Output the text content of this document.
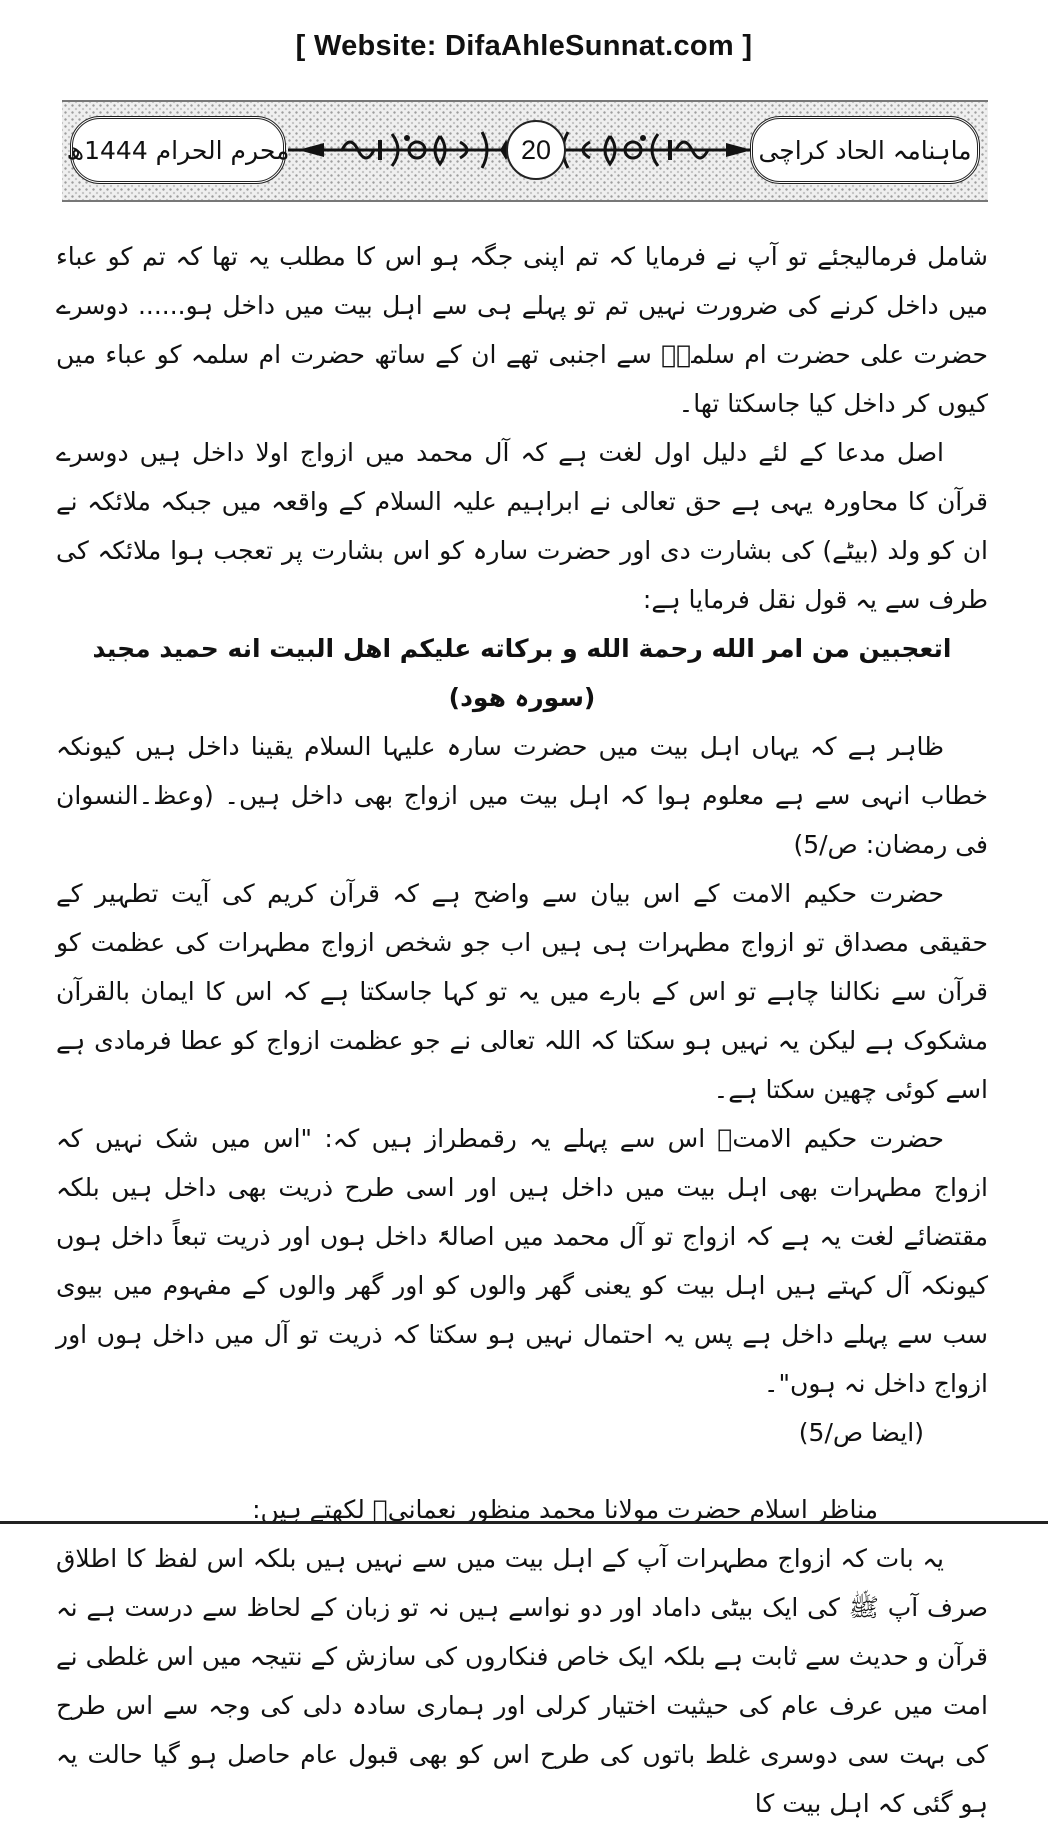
[ Website: DifaAhleSunnat.com ]
محرم الحرام 1444ھ	20	ماہنامہ الحاد کراچی

شامل فرمالیجئے تو آپ نے فرمایا کہ تم اپنی جگہ ہو اس کا مطلب یہ تھا کہ تم کو عباء میں داخل کرنے کی ضرورت نہیں تم تو پہلے ہی سے اہل بیت میں داخل ہو...... دوسرے حضرت علی حضرت ام سلمہؓ سے اجنبی تھے ان کے ساتھ حضرت ام سلمہ کو عباء میں کیوں کر داخل کیا جاسکتا تھا۔

اصل مدعا کے لئے دلیل اول لغت ہے کہ آل محمد میں ازواج اولا داخل ہیں دوسرے قرآن کا محاورہ یہی ہے حق تعالی نے ابراہیم علیہ السلام کے واقعہ میں جبکہ ملائکہ نے ان کو ولد (بیٹے) کی بشارت دی اور حضرت سارہ کو اس بشارت پر تعجب ہوا ملائکہ کی طرف سے یہ قول نقل فرمایا ہے:

اتعجبین من امر الله رحمة الله و بركاته عليكم اهل البيت انه حميد مجيد (سورہ ھود)

ظاہر ہے کہ یہاں اہل بیت میں حضرت سارہ علیہا السلام یقینا داخل ہیں کیونکہ خطاب انہی سے ہے معلوم ہوا کہ اہل بیت میں ازواج بھی داخل ہیں۔ (وعظ۔النسوان فی رمضان: ص/5)

حضرت حکیم الامت کے اس بیان سے واضح ہے کہ قرآن کریم کی آیت تطہیر کے حقیقی مصداق تو ازواج مطہرات ہی ہیں اب جو شخص ازواج مطہرات کی عظمت کو قرآن سے نکالنا چاہے تو اس کے بارے میں یہ تو کہا جاسکتا ہے کہ اس کا ایمان بالقرآن مشکوک ہے لیکن یہ نہیں ہو سکتا کہ اللہ تعالی نے جو عظمت ازواج کو عطا فرمادی ہے اسے کوئی چھین سکتا ہے۔

حضرت حکیم الامتؒ اس سے پہلے یہ رقمطراز ہیں کہ: "اس میں شک نہیں کہ ازواج مطہرات بھی اہل بیت میں داخل ہیں اور اسی طرح ذریت بھی داخل ہیں بلکہ مقتضائے لغت یہ ہے کہ ازواج تو آل محمد میں اصالۃً داخل ہوں اور ذریت تبعاً داخل ہوں کیونکہ آل کہتے ہیں اہل بیت کو یعنی گھر والوں کو اور گھر والوں کے مفہوم میں بیوی سب سے پہلے داخل ہے پس یہ احتمال نہیں ہو سکتا کہ ذریت تو آل میں داخل ہوں اور ازواج داخل نہ ہوں"۔

(ایضا ص/5)

مناظر اسلام حضرت مولانا محمد منظور نعمانیؒ لکھتے ہیں:

یہ بات کہ ازواج مطہرات آپ کے اہل بیت میں سے نہیں ہیں بلکہ اس لفظ کا اطلاق صرف آپ ﷺ کی ایک بیٹی داماد اور دو نواسے ہیں نہ تو زبان کے لحاظ سے درست ہے نہ قرآن و حدیث سے ثابت ہے بلکہ ایک خاص فنکاروں کی سازش کے نتیجہ میں اس غلطی نے امت میں عرف عام کی حیثیت اختیار کرلی اور ہماری سادہ دلی کی وجہ سے اس طرح کی بہت سی دوسری غلط باتوں کی طرح اس کو بھی قبول عام حاصل ہو گیا حالت یہ ہو گئی کہ اہل بیت کا
